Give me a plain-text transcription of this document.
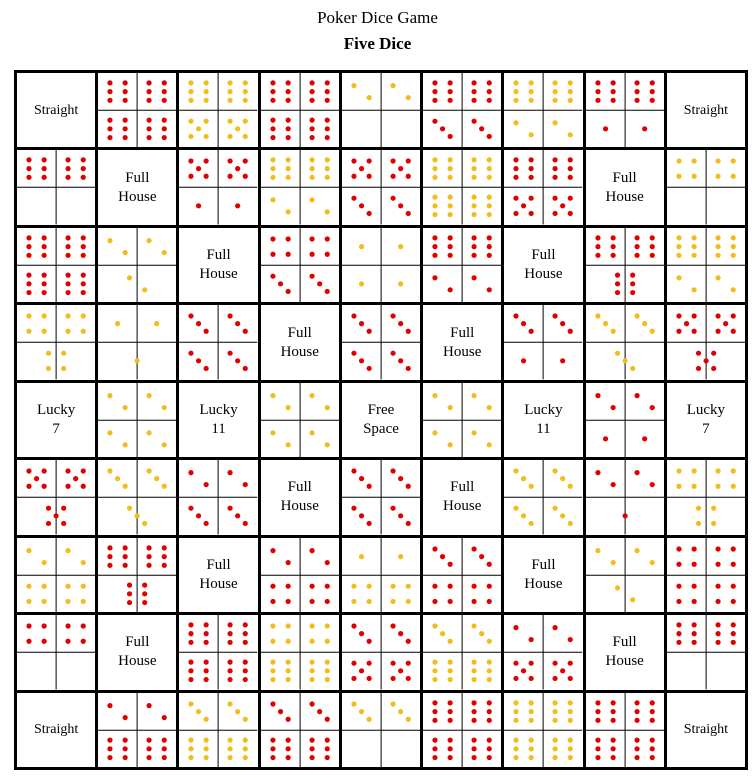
Poker Dice Game
Five Dice
Straight	Straight
Full
House
Full
House
Full
House
Full
House
Full
House
Full
House
Lucky
7
Lucky
11
Free
Space
Lucky
11
Lucky
7
Full
House
Full
House
Full
House
Full
House
Full
House
Full
House
Straight	Straight
